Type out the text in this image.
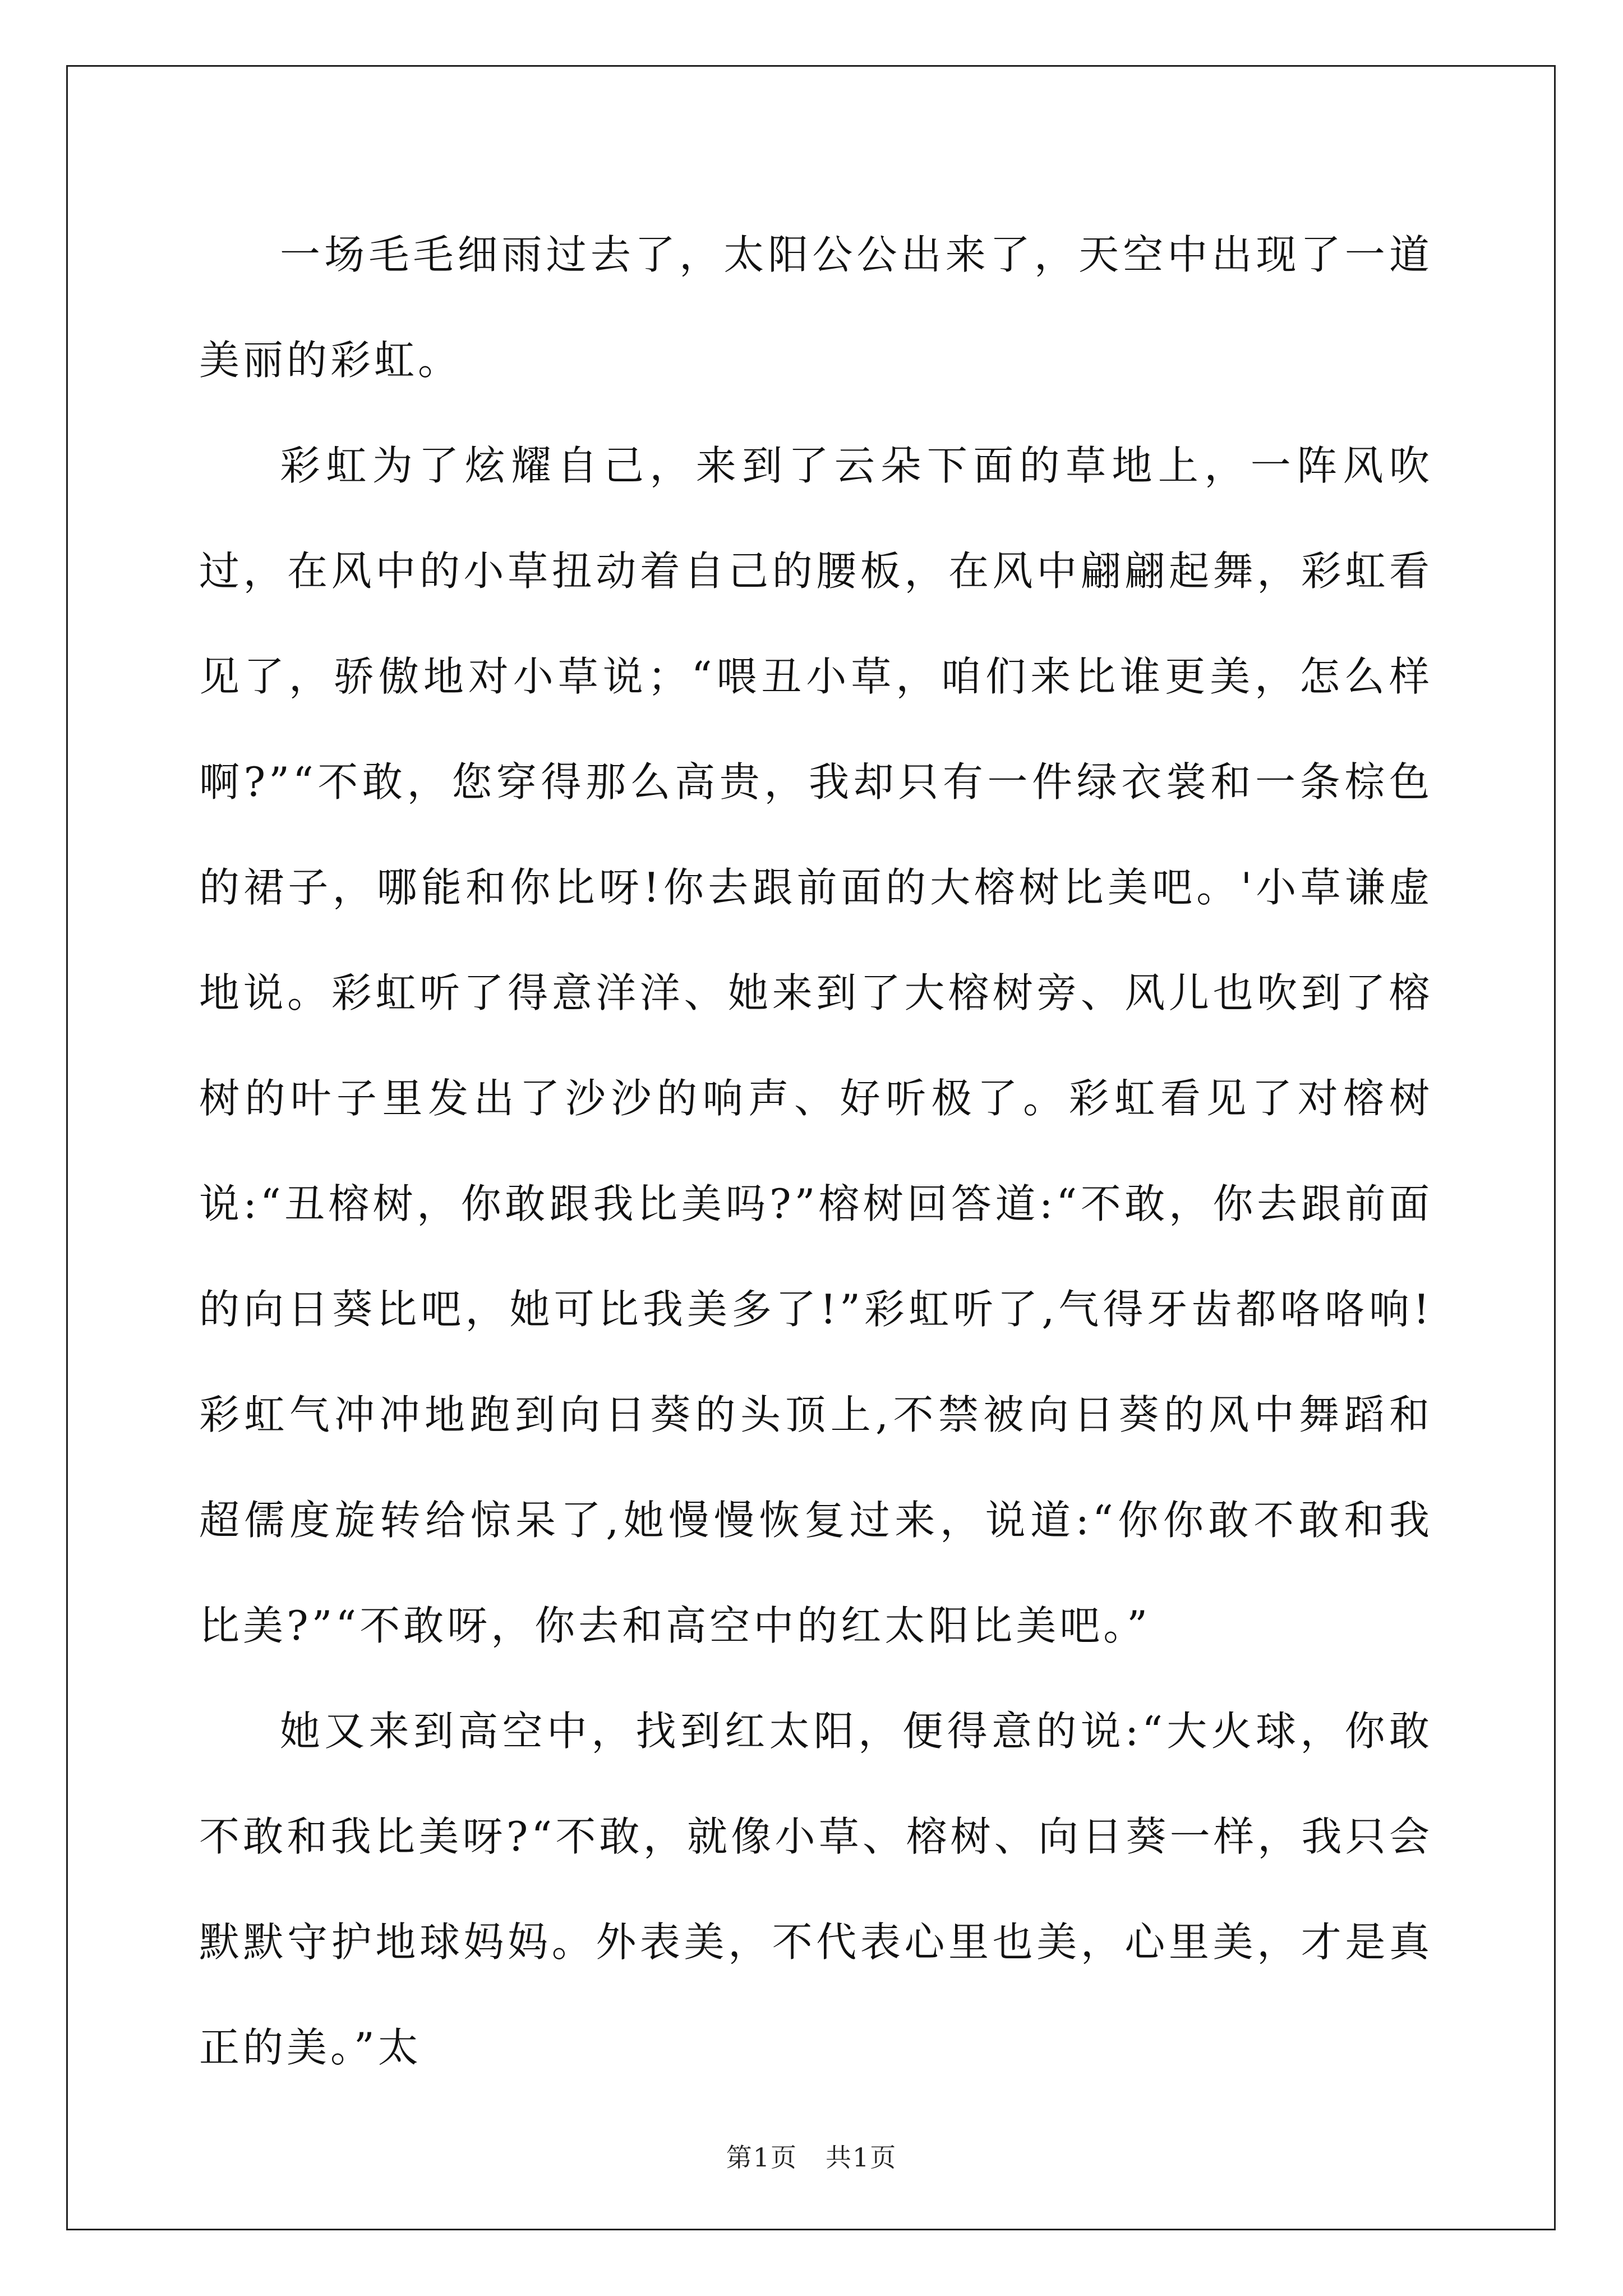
一场毛毛细雨过去了，太阳公公出来了，天空中出现了一道美丽的彩虹。

彩虹为了炫耀自己，来到了云朵下面的草地上，一阵风吹过，在风中的小草扭动着自己的腰板，在风中翩翩起舞，彩虹看见了，骄傲地对小草说；“喂丑小草，咱们来比谁更美，怎么样啊?”“不敢，您穿得那么高贵，我却只有一件绿衣裳和一条棕色的裙子，哪能和你比呀!你去跟前面的大榕树比美吧。'小草谦虚地说。彩虹听了得意洋洋、她来到了大榕树旁、风儿也吹到了榕树的叶子里发出了沙沙的响声、好听极了。彩虹看见了对榕树说:“丑榕树，你敢跟我比美吗?”榕树回答道:“不敢，你去跟前面的向日葵比吧，她可比我美多了!”彩虹听了,气得牙齿都咯咯响!彩虹气冲冲地跑到向日葵的头顶上,不禁被向日葵的风中舞蹈和超儒度旋转给惊呆了,她慢慢恢复过来，说道:“你你敢不敢和我比美?”“不敢呀，你去和高空中的红太阳比美吧。”

她又来到高空中，找到红太阳，便得意的说:“大火球，你敢不敢和我比美呀?“不敢，就像小草、榕树、向日葵一样，我只会默默守护地球妈妈。外表美，不代表心里也美，心里美，才是真正的美。”太

第1页 共1页
